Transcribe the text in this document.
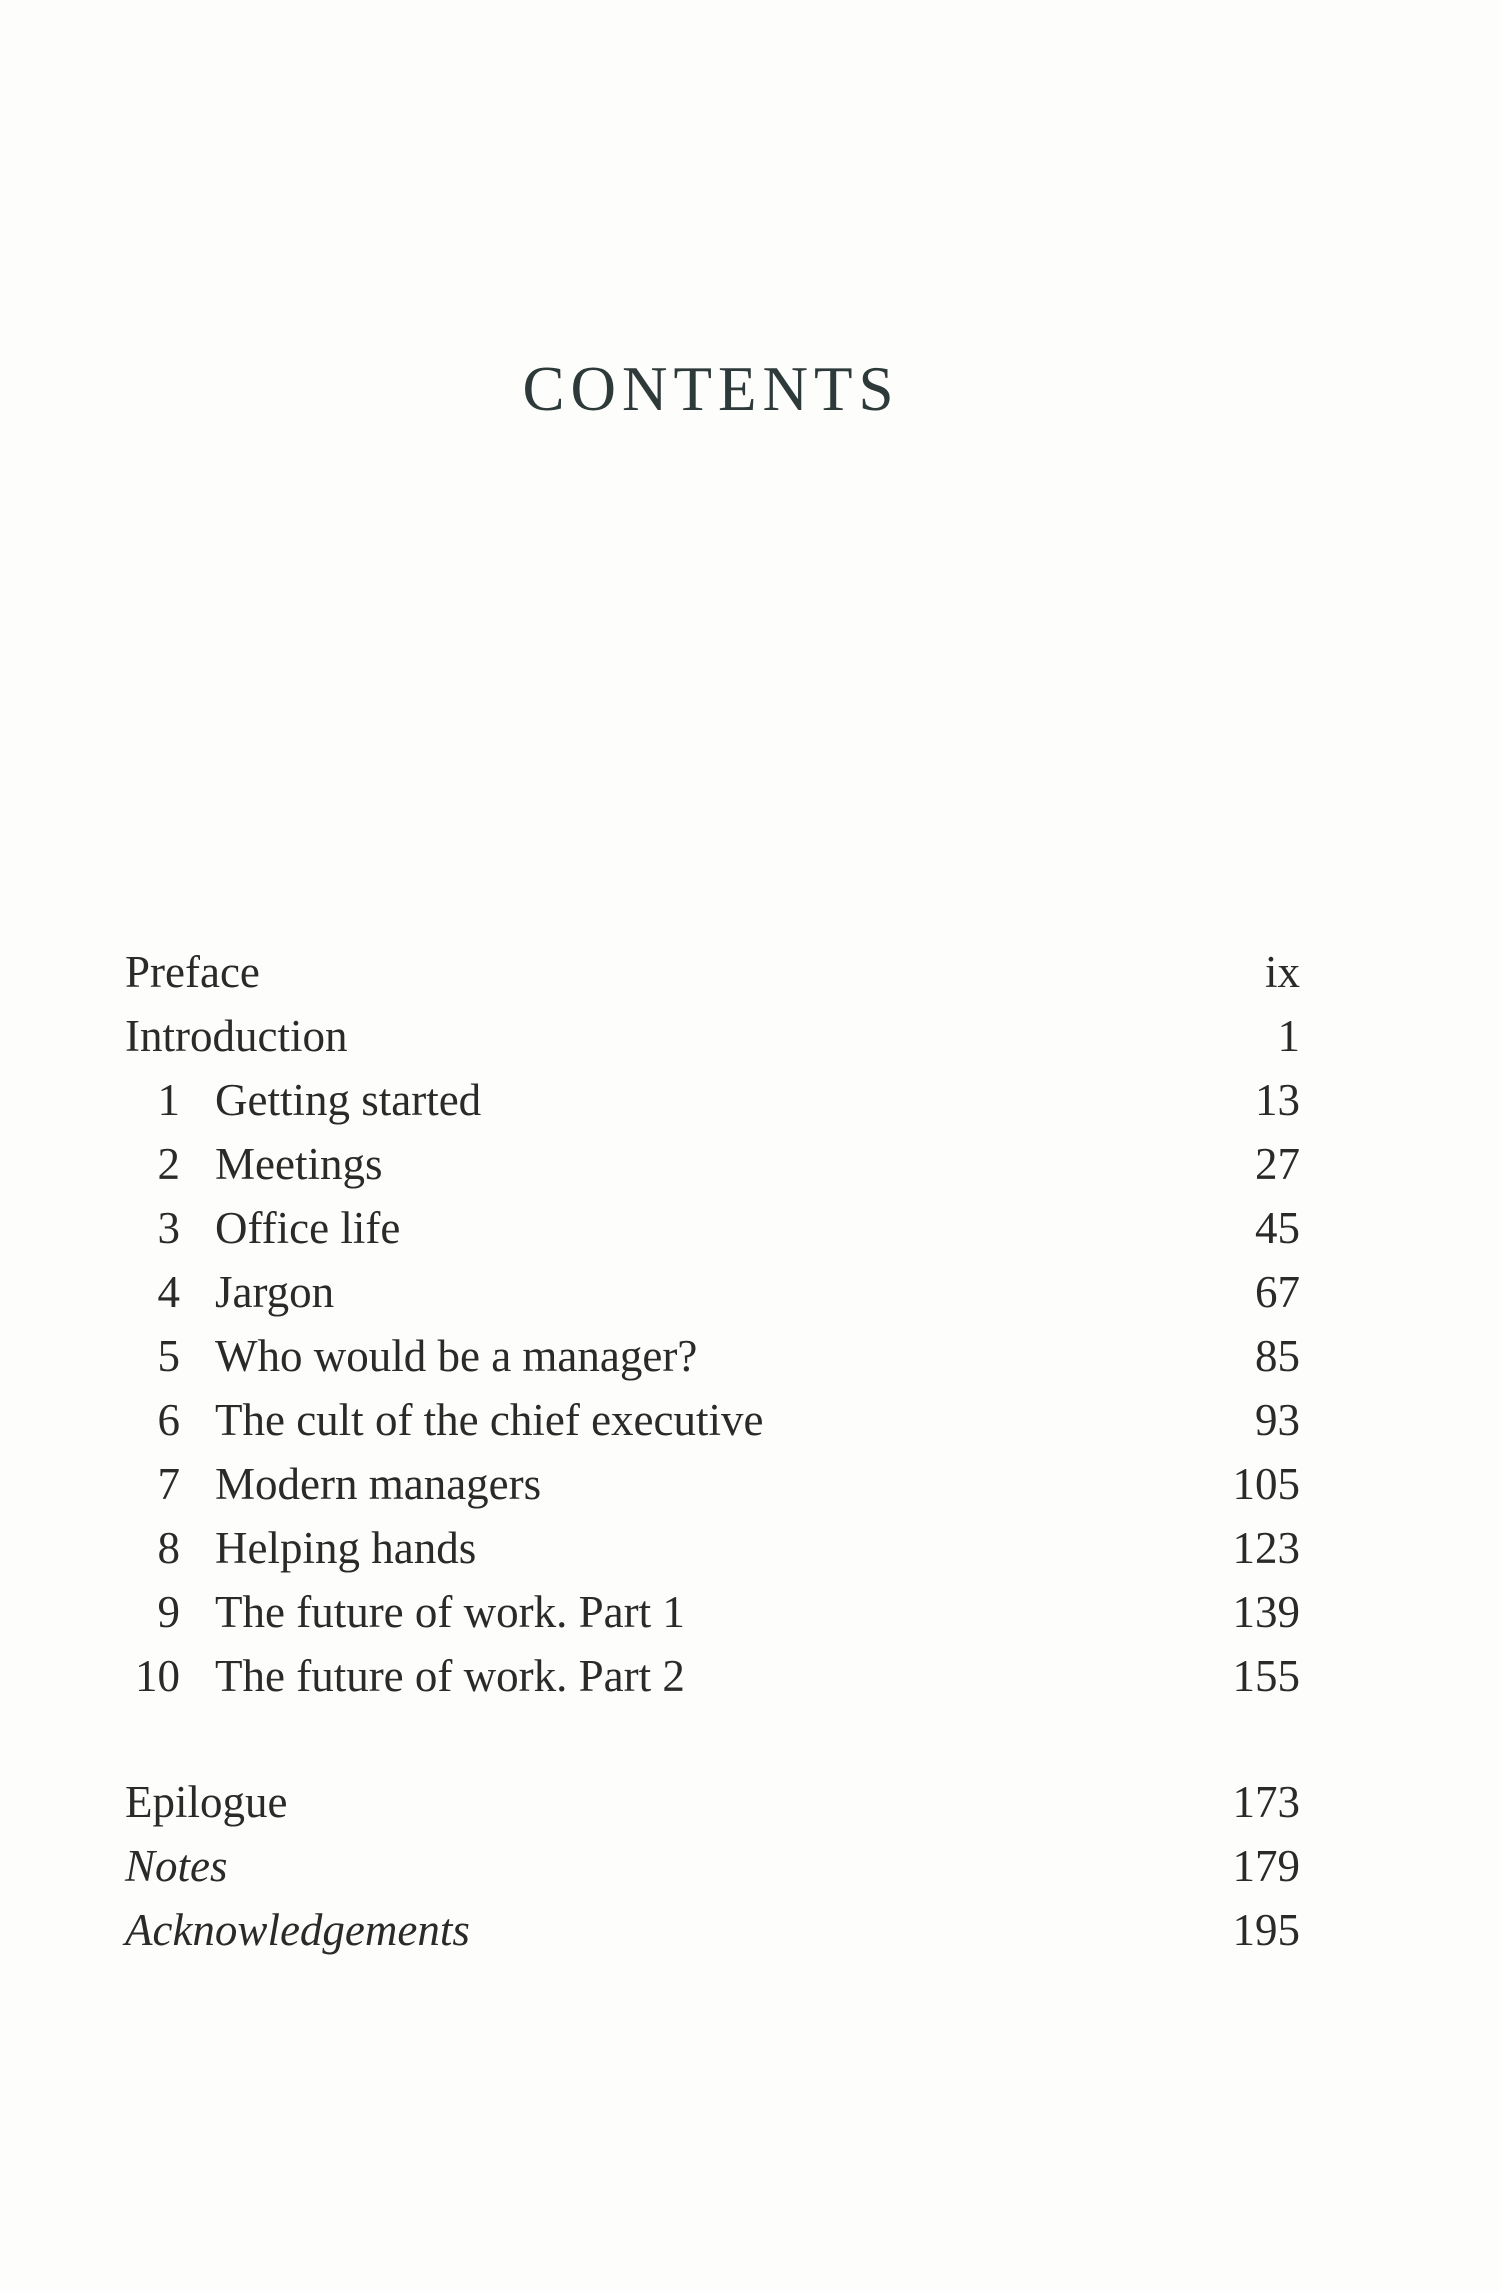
CONTENTS
Preface	ix
Introduction	1
1 Getting started	13
2 Meetings	27
3 Office life	45
4 Jargon	67
5 Who would be a manager?	85
6 The cult of the chief executive	93
7 Modern managers	105
8 Helping hands	123
9 The future of work. Part 1	139
10 The future of work. Part 2	155
Epilogue	173
Notes	179
Acknowledgements	195
